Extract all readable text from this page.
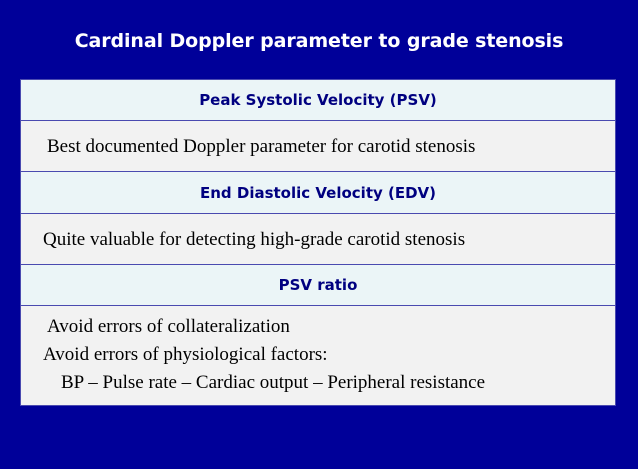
Cardinal Doppler parameter to grade stenosis
Peak Systolic Velocity (PSV)
Best documented Doppler parameter for carotid stenosis
End Diastolic Velocity (EDV)
Quite valuable for detecting high-grade carotid stenosis
PSV ratio
Avoid errors of collateralization
Avoid errors of physiological factors:
BP – Pulse rate – Cardiac output – Peripheral resistance
